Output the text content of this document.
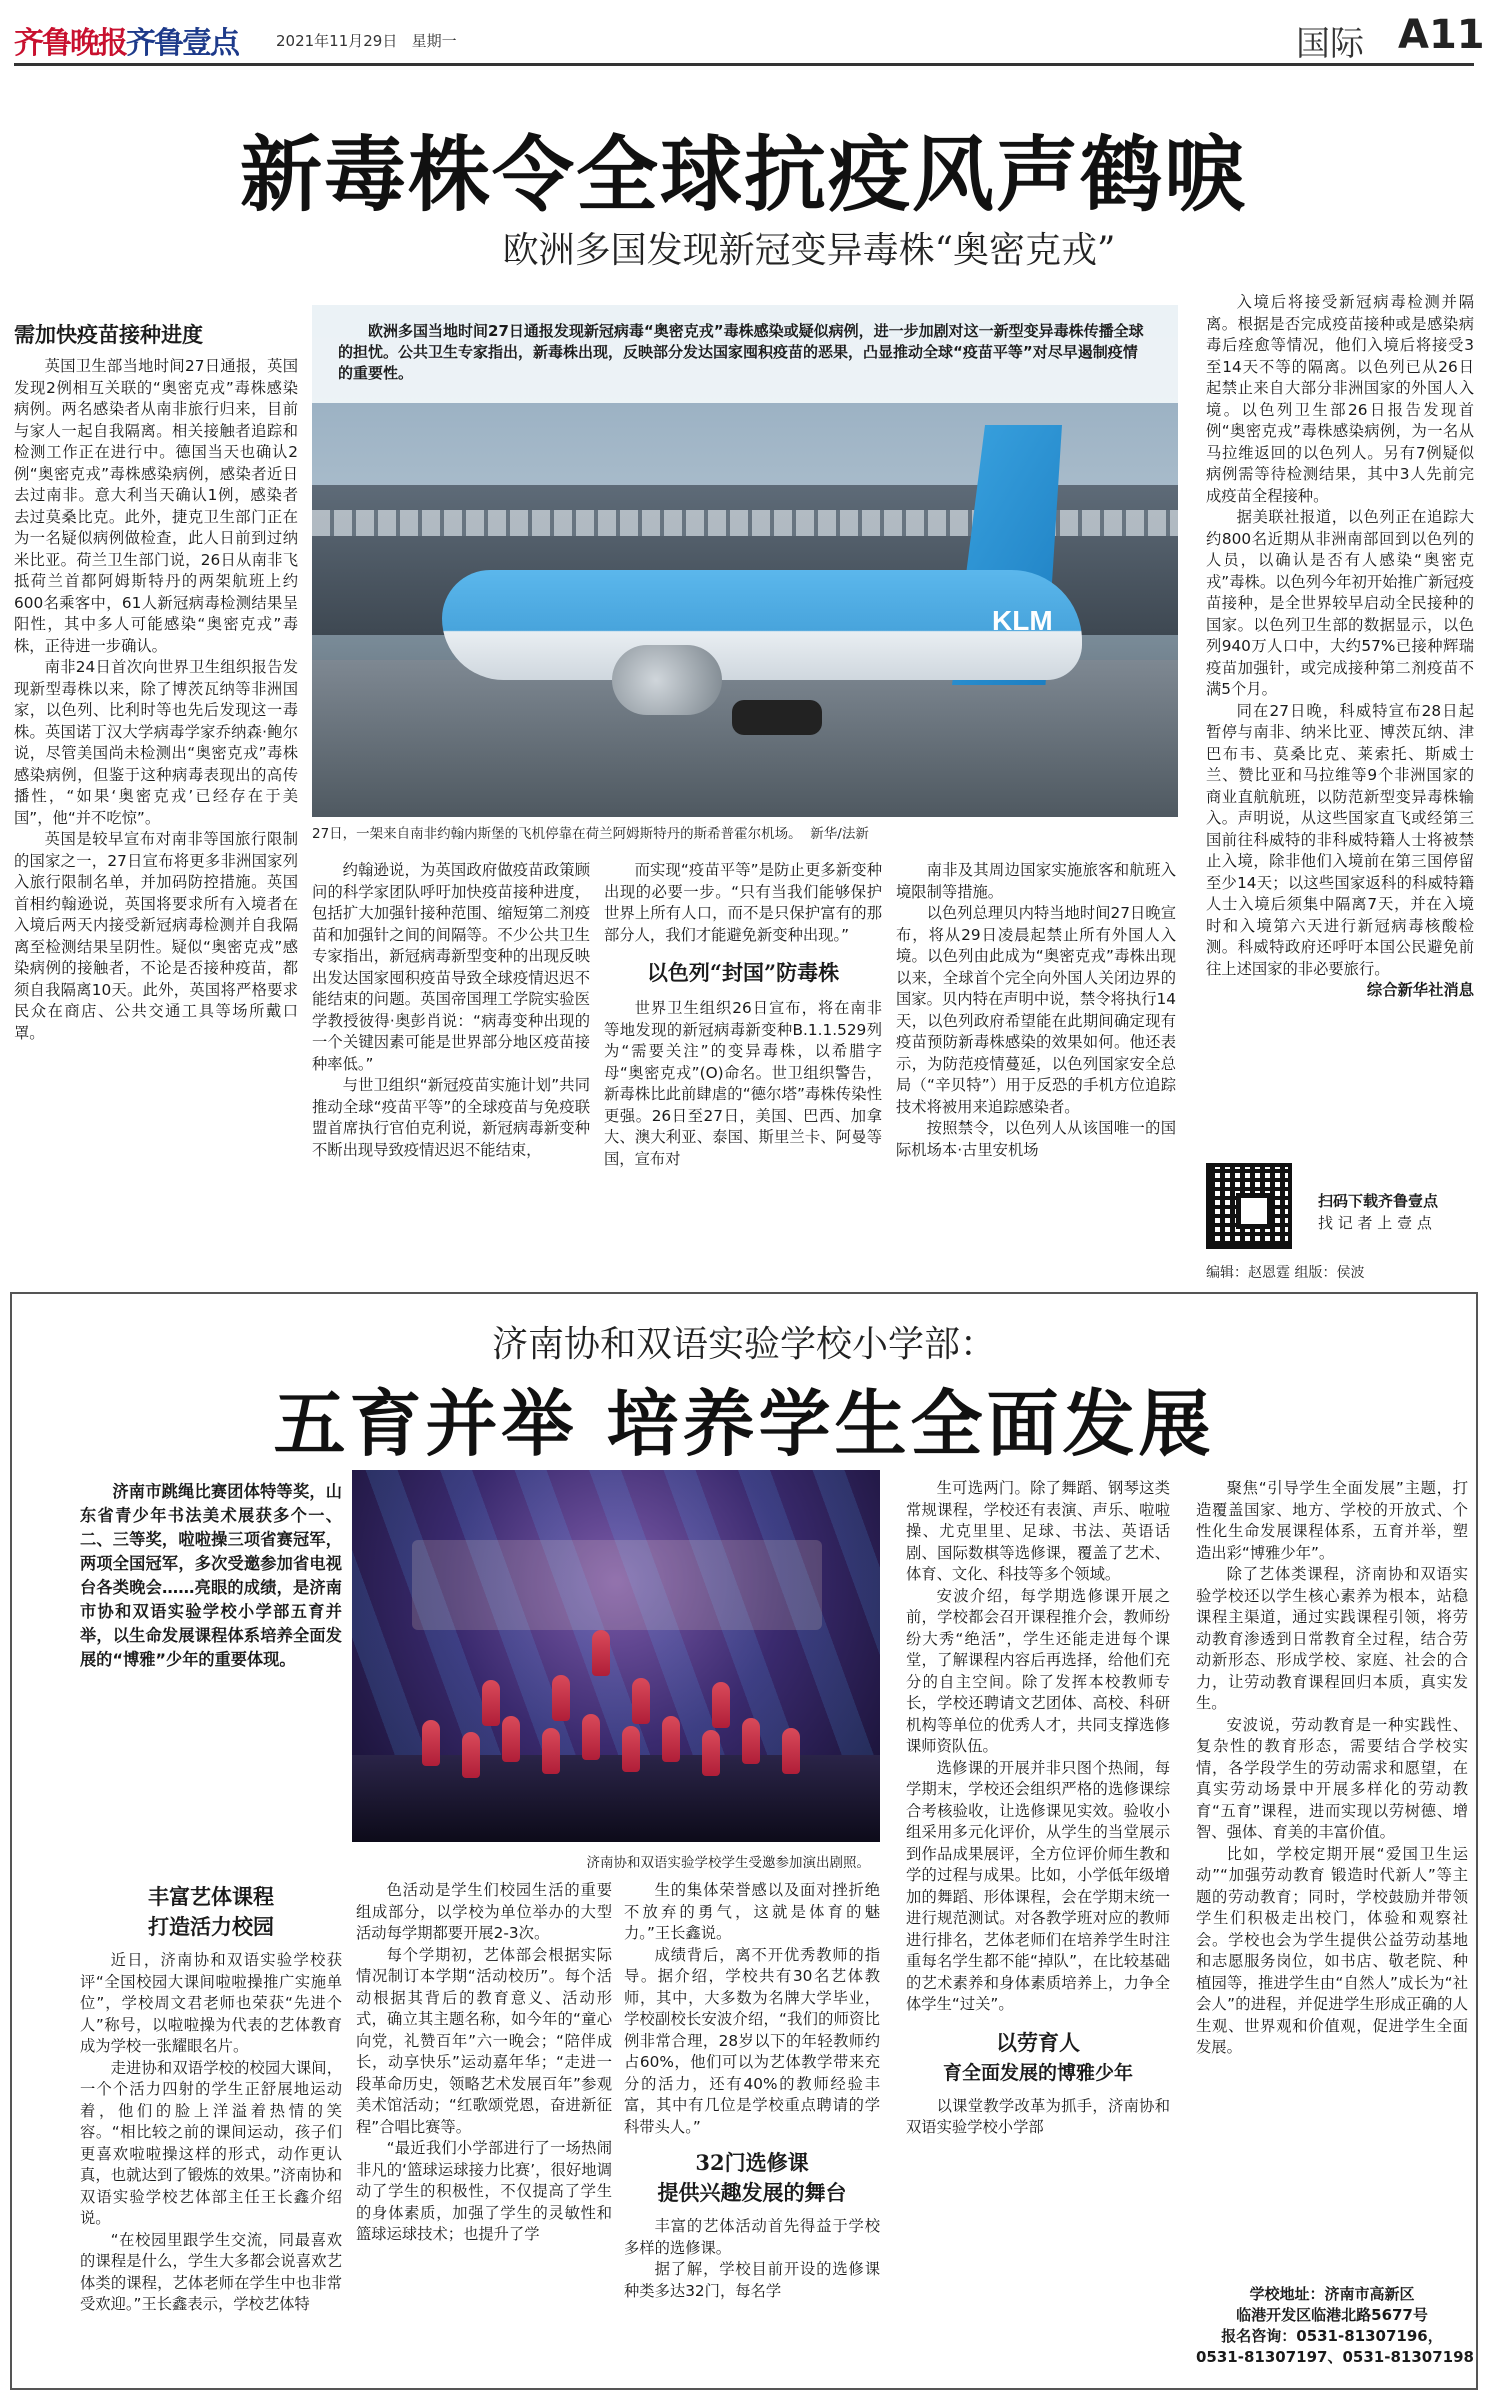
齐鲁晚报齐鲁壹点	2021年11月29日 星期一	国际 A11
新毒株令全球抗疫风声鹤唳
欧洲多国发现新冠变异毒株“奥密克戎”
需加快疫苗接种进度

英国卫生部当地时间27日通报，英国发现2例相互关联的“奥密克戎”毒株感染病例。两名感染者从南非旅行归来，目前与家人一起自我隔离。相关接触者追踪和检测工作正在进行中。德国当天也确认2例“奥密克戎”毒株感染病例，感染者近日去过南非。意大利当天确认1例，感染者去过莫桑比克。此外，捷克卫生部门正在为一名疑似病例做检查，此人日前到过纳米比亚。荷兰卫生部门说，26日从南非飞抵荷兰首都阿姆斯特丹的两架航班上约600名乘客中，61人新冠病毒检测结果呈阳性，其中多人可能感染“奥密克戎”毒株，正待进一步确认。

南非24日首次向世界卫生组织报告发现新型毒株以来，除了博茨瓦纳等非洲国家，以色列、比利时等也先后发现这一毒株。英国诺丁汉大学病毒学家乔纳森·鲍尔说，尽管美国尚未检测出“奥密克戎”毒株感染病例，但鉴于这种病毒表现出的高传播性，“如果‘奥密克戎’已经存在于美国”，他“并不吃惊”。

英国是较早宣布对南非等国旅行限制的国家之一，27日宣布将更多非洲国家列入旅行限制名单，并加码防控措施。英国首相约翰逊说，英国将要求所有入境者在入境后两天内接受新冠病毒检测并自我隔离至检测结果呈阴性。疑似“奥密克戎”感染病例的接触者，不论是否接种疫苗，都须自我隔离10天。此外，英国将严格要求民众在商店、公共交通工具等场所戴口罩。

KLM
欧洲多国当地时间27日通报发现新冠病毒“奥密克戎”毒株感染或疑似病例，进一步加剧对这一新型变异毒株传播全球的担忧。公共卫生专家指出，新毒株出现，反映部分发达国家囤积疫苗的恶果，凸显推动全球“疫苗平等”对尽早遏制疫情的重要性。
27日，一架来自南非约翰内斯堡的飞机停靠在荷兰阿姆斯特丹的斯希普霍尔机场。 新华/法新

约翰逊说，为英国政府做疫苗政策顾问的科学家团队呼吁加快疫苗接种进度，包括扩大加强针接种范围、缩短第二剂疫苗和加强针之间的间隔等。不少公共卫生专家指出，新冠病毒新型变种的出现反映出发达国家囤积疫苗导致全球疫情迟迟不能结束的问题。英国帝国理工学院实验医学教授彼得·奥彭肖说：“病毒变种出现的一个关键因素可能是世界部分地区疫苗接种率低。”

与世卫组织“新冠疫苗实施计划”共同推动全球“疫苗平等”的全球疫苗与免疫联盟首席执行官伯克利说，新冠病毒新变种不断出现导致疫情迟迟不能结束，

而实现“疫苗平等”是防止更多新变种出现的必要一步。“只有当我们能够保护世界上所有人口，而不是只保护富有的那部分人，我们才能避免新变种出现。”

以色列“封国”防毒株

世界卫生组织26日宣布，将在南非等地发现的新冠病毒新变种B.1.1.529列为“需要关注”的变异毒株，以希腊字母“奥密克戎”(O)命名。世卫组织警告，新毒株比此前肆虐的“德尔塔”毒株传染性更强。26日至27日，美国、巴西、加拿大、澳大利亚、泰国、斯里兰卡、阿曼等国，宣布对

南非及其周边国家实施旅客和航班入境限制等措施。

以色列总理贝内特当地时间27日晚宣布，将从29日凌晨起禁止所有外国人入境。以色列由此成为“奥密克戎”毒株出现以来，全球首个完全向外国人关闭边界的国家。贝内特在声明中说，禁令将执行14天，以色列政府希望能在此期间确定现有疫苗预防新毒株感染的效果如何。他还表示，为防范疫情蔓延，以色列国家安全总局（“辛贝特”）用于反恐的手机方位追踪技术将被用来追踪感染者。

按照禁令，以色列人从该国唯一的国际机场本·古里安机场

入境后将接受新冠病毒检测并隔离。根据是否完成疫苗接种或是感染病毒后痊愈等情况，他们入境后将接受3至14天不等的隔离。以色列已从26日起禁止来自大部分非洲国家的外国人入境。以色列卫生部26日报告发现首例“奥密克戎”毒株感染病例，为一名从马拉维返回的以色列人。另有7例疑似病例需等待检测结果，其中3人先前完成疫苗全程接种。

据美联社报道，以色列正在追踪大约800名近期从非洲南部回到以色列的人员，以确认是否有人感染“奥密克戎”毒株。以色列今年初开始推广新冠疫苗接种，是全世界较早启动全民接种的国家。以色列卫生部的数据显示，以色列940万人口中，大约57%已接种辉瑞疫苗加强针，或完成接种第二剂疫苗不满5个月。

同在27日晚，科威特宣布28日起暂停与南非、纳米比亚、博茨瓦纳、津巴布韦、莫桑比克、莱索托、斯威士兰、赞比亚和马拉维等9个非洲国家的商业直航航班，以防范新型变异毒株输入。声明说，从这些国家直飞或经第三国前往科威特的非科威特籍人士将被禁止入境，除非他们入境前在第三国停留至少14天；以这些国家返科的科威特籍人士入境后须集中隔离7天，并在入境时和入境第六天进行新冠病毒核酸检测。科威特政府还呼吁本国公民避免前往上述国家的非必要旅行。

综合新华社消息
扫码下载齐鲁壹点
找 记 者 上 壹 点
编辑：赵恩霆 组版：侯波
济南协和双语实验学校小学部：
五育并举 培养学生全面发展

济南市跳绳比赛团体特等奖，山东省青少年书法美术展获多个一、二、三等奖，啦啦操三项省赛冠军，两项全国冠军，多次受邀参加省电视台各类晚会……亮眼的成绩，是济南市协和双语实验学校小学部五育并举，以生命发展课程体系培养全面发展的“博雅”少年的重要体现。

济南协和双语实验学校学生受邀参加演出剧照。
丰富艺体课程
打造活力校园

近日，济南协和双语实验学校获评“全国校园大课间啦啦操推广实施单位”，学校周文君老师也荣获“先进个人”称号，以啦啦操为代表的艺体教育成为学校一张耀眼名片。

走进协和双语学校的校园大课间，一个个活力四射的学生正舒展地运动着，他们的脸上洋溢着热情的笑容。“相比较之前的课间运动，孩子们更喜欢啦啦操这样的形式，动作更认真，也就达到了锻炼的效果。”济南协和双语实验学校艺体部主任王长鑫介绍说。

“在校园里跟学生交流，同最喜欢的课程是什么，学生大多都会说喜欢艺体类的课程，艺体老师在学生中也非常受欢迎。”王长鑫表示，学校艺体特

色活动是学生们校园生活的重要组成部分，以学校为单位举办的大型活动每学期都要开展2-3次。

每个学期初，艺体部会根据实际情况制订本学期“活动校历”。每个活动根据其背后的教育意义、活动形式，确立其主题名称，如今年的“童心向党，礼赞百年”六一晚会；“陪伴成长，动享快乐”运动嘉年华；“走进一段革命历史，领略艺术发展百年”参观美术馆活动；“红歌颂党恩，奋进新征程”合唱比赛等。

“最近我们小学部进行了一场热闹非凡的‘篮球运球接力比赛’，很好地调动了学生的积极性，不仅提高了学生的身体素质，加强了学生的灵敏性和篮球运球技术；也提升了学

生的集体荣誉感以及面对挫折绝不放弃的勇气，这就是体育的魅力。”王长鑫说。

成绩背后，离不开优秀教师的指导。据介绍，学校共有30名艺体教师，其中，大多数为名牌大学毕业，学校副校长安波介绍，“我们的师资比例非常合理，28岁以下的年轻教师约占60%，他们可以为艺体教学带来充分的活力，还有40%的教师经验丰富，其中有几位是学校重点聘请的学科带头人。”

32门选修课
提供兴趣发展的舞台

丰富的艺体活动首先得益于学校多样的选修课。

据了解，学校目前开设的选修课种类多达32门，每名学

生可选两门。除了舞蹈、钢琴这类常规课程，学校还有表演、声乐、啦啦操、尤克里里、足球、书法、英语话剧、国际数棋等选修课，覆盖了艺术、体育、文化、科技等多个领域。

安波介绍，每学期选修课开展之前，学校都会召开课程推介会，教师纷纷大秀“绝活”，学生还能走进每个课堂，了解课程内容后再选择，给他们充分的自主空间。除了发挥本校教师专长，学校还聘请文艺团体、高校、科研机构等单位的优秀人才，共同支撑选修课师资队伍。

选修课的开展并非只图个热闹，每学期末，学校还会组织严格的选修课综合考核验收，让选修课见实效。验收小组采用多元化评价，从学生的当堂展示到作品成果展评，全方位评价师生教和学的过程与成果。比如，小学低年级增加的舞蹈、形体课程，会在学期末统一进行规范测试。对各教学班对应的教师进行排名，艺体老师们在培养学生时注重每名学生都不能“掉队”，在比较基础的艺术素养和身体素质培养上，力争全体学生“过关”。

以劳育人
育全面发展的博雅少年

以课堂教学改革为抓手，济南协和双语实验学校小学部

聚焦“引导学生全面发展”主题，打造覆盖国家、地方、学校的开放式、个性化生命发展课程体系，五育并举，塑造出彩“博雅少年”。

除了艺体类课程，济南协和双语实验学校还以学生核心素养为根本，站稳课程主渠道，通过实践课程引领，将劳动教育渗透到日常教育全过程，结合劳动新形态、形成学校、家庭、社会的合力，让劳动教育课程回归本质，真实发生。

安波说，劳动教育是一种实践性、复杂性的教育形态，需要结合学校实情，各学段学生的劳动需求和愿望，在真实劳动场景中开展多样化的劳动教育“五育”课程，进而实现以劳树德、增智、强体、育美的丰富价值。

比如，学校定期开展“爱国卫生运动”“加强劳动教育 锻造时代新人”等主题的劳动教育；同时，学校鼓励并带领学生们积极走出校门，体验和观察社会。学校也会为学生提供公益劳动基地和志愿服务岗位，如书店、敬老院、种植园等，推进学生由“自然人”成长为“社会人”的进程，并促进学生形成正确的人生观、世界观和价值观，促进学生全面发展。

学校地址：济南市高新区
临港开发区临港北路5677号
报名咨询：0531-81307196，
0531-81307197、0531-81307198
